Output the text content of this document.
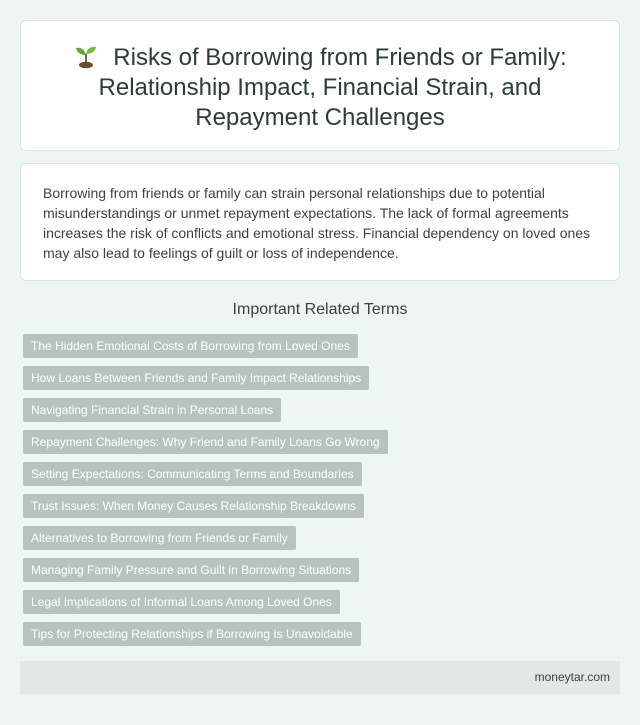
Risks of Borrowing from Friends or Family: Relationship Impact, Financial Strain, and Repayment Challenges

Borrowing from friends or family can strain personal relationships due to potential misunderstandings or unmet repayment expectations. The lack of formal agreements increases the risk of conflicts and emotional stress. Financial dependency on loved ones may also lead to feelings of guilt or loss of independence.

Important Related Terms
The Hidden Emotional Costs of Borrowing from Loved Ones
How Loans Between Friends and Family Impact Relationships
Navigating Financial Strain in Personal Loans
Repayment Challenges: Why Friend and Family Loans Go Wrong
Setting Expectations: Communicating Terms and Boundaries
Trust Issues: When Money Causes Relationship Breakdowns
Alternatives to Borrowing from Friends or Family
Managing Family Pressure and Guilt in Borrowing Situations
Legal Implications of Informal Loans Among Loved Ones
Tips for Protecting Relationships if Borrowing Is Unavoidable
moneytar.com
